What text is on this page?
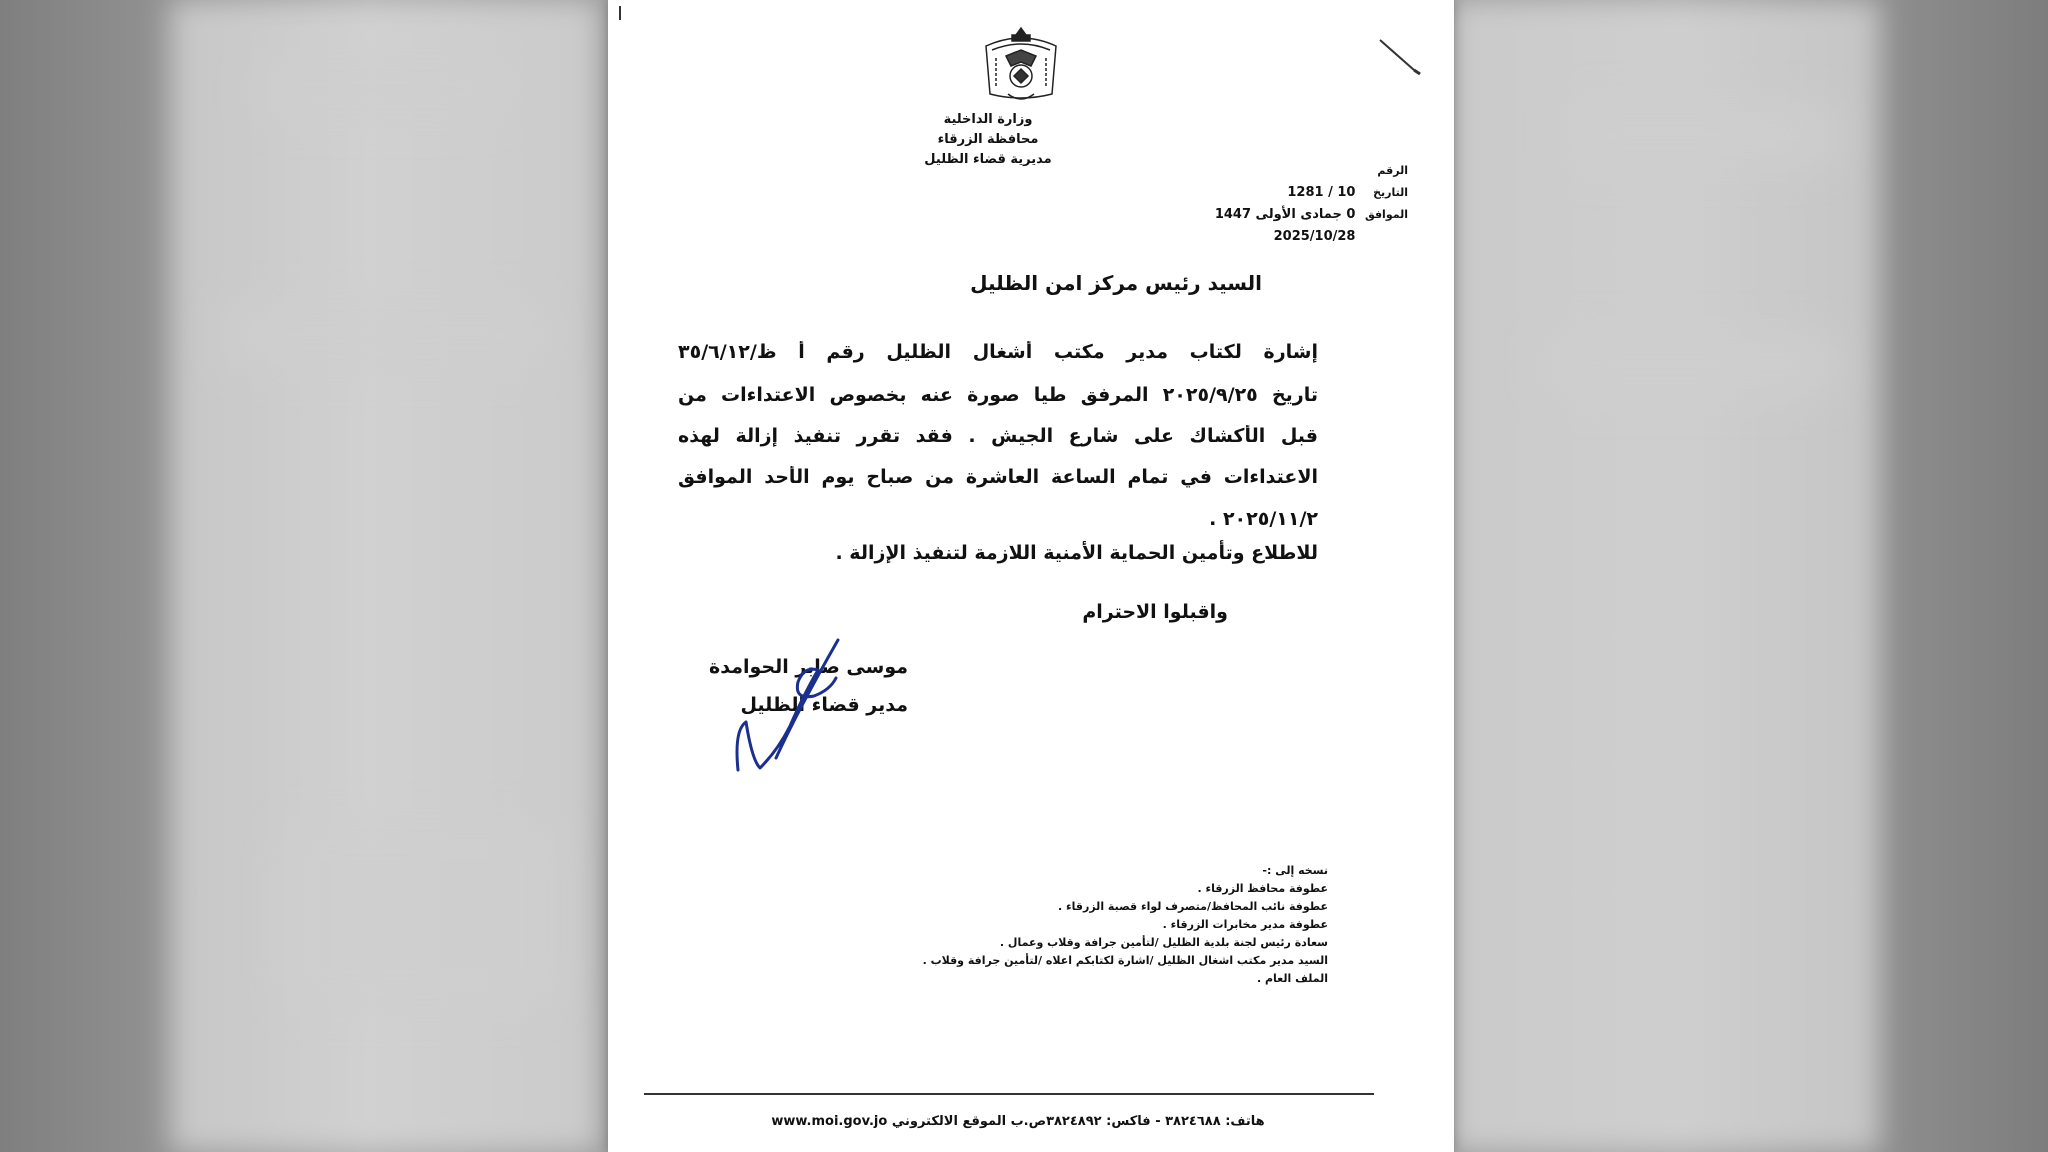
وزارة الداخلية
محافظة الزرقاء
مديرية قضاء الظليل
الرقم
التاريخ 10 / 1281
الموافق 0 جمادى الأولى 1447
2025/10/28
السيد رئيس مركز امن الظليل
إشارة لكتاب مدير مكتب أشغال الظليل رقم أ ظ/٣٥/٦/١٢
تاريخ ٢٠٢٥/٩/٢٥ المرفق طيا صورة عنه بخصوص الاعتداءات من
قبل الأكشاك على شارع الجيش . فقد تقرر تنفيذ إزالة لهذه
الاعتداءات في تمام الساعة العاشرة من صباح يوم الأحد الموافق
٢٠٢٥/١١/٢ .
للاطلاع وتأمين الحماية الأمنية اللازمة لتنفيذ الإزالة .
واقبلوا الاحترام
موسى صابر الحوامدة
مدير قضاء الظليل
نسخه إلى :-
عطوفة محافظ الزرقاء .
عطوفة نائب المحافظ/متصرف لواء قصبة الزرقاء .
عطوفة مدير مخابرات الزرقاء .
سعادة رئيس لجنة بلدية الظليل /لتأمين جرافة وقلاب وعمال .
السيد مدير مكتب اشغال الظليل /اشارة لكتابكم اعلاه /لتأمين جرافة وقلاب .
الملف العام .
هاتف: ٣٨٢٤٦٨٨ - فاكس: ٣٨٢٤٨٩٢ص.ب الموقع الالكتروني www.moi.gov.jo
